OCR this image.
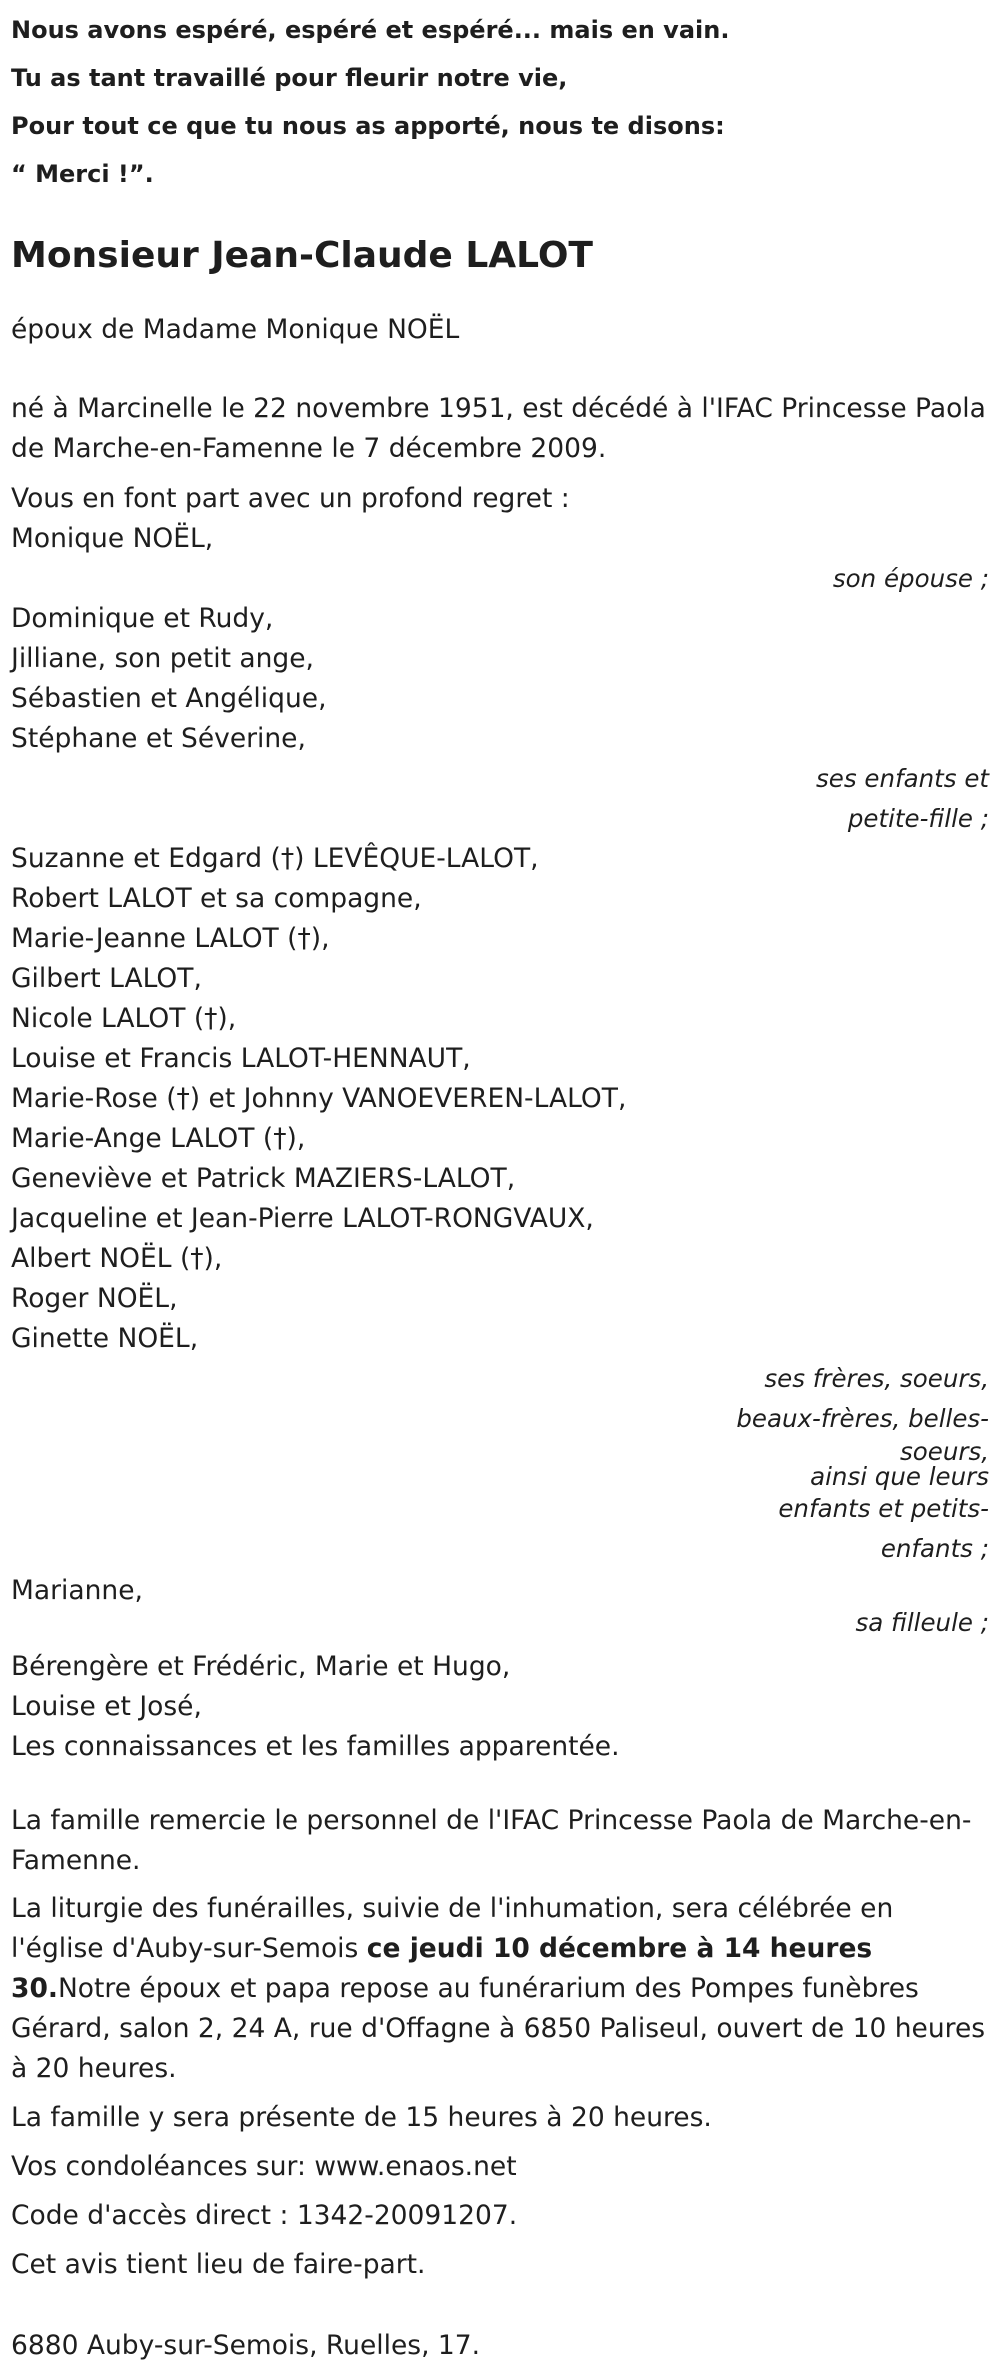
Nous avons espéré, espéré et espéré... mais en vain.
Tu as tant travaillé pour fleurir notre vie,
Pour tout ce que tu nous as apporté, nous te disons:
“ Merci !”.
Monsieur Jean-Claude LALOT

époux de Madame Monique NOËL

né à Marcinelle le 22 novembre 1951, est décédé à l'IFAC Princesse Paola de Marche-en-Famenne le 7 décembre 2009.

Vous en font part avec un profond regret :

Monique NOËL,

son épouse ;

Dominique et Rudy,
Jilliane, son petit ange,
Sébastien et Angélique,
Stéphane et Séverine,
ses enfants et
petite-fille ;
Suzanne et Edgard (†) LEVÊQUE-LALOT,
Robert LALOT et sa compagne,
Marie-Jeanne LALOT (†),
Gilbert LALOT,
Nicole LALOT (†),
Louise et Francis LALOT-HENNAUT,
Marie-Rose (†) et Johnny VANOEVEREN-LALOT,
Marie-Ange LALOT (†),
Geneviève et Patrick MAZIERS-LALOT,
Jacqueline et Jean-Pierre LALOT-RONGVAUX,
Albert NOËL (†),
Roger NOËL,
Ginette NOËL,
ses frères, soeurs,
beaux-frères, belles-
soeurs,
ainsi que leurs
enfants et petits-
enfants ;

Marianne,

sa filleule ;

Bérengère et Frédéric, Marie et Hugo,
Louise et José,
Les connaissances et les familles apparentée.

La famille remercie le personnel de l'IFAC Princesse Paola de Marche-en-Famenne.

La liturgie des funérailles, suivie de l'inhumation, sera célébrée en l'église d'Auby-sur-Semois ce jeudi 10 décembre à 14 heures 30.Notre époux et papa repose au funérarium des Pompes funèbres Gérard, salon 2, 24 A, rue d'Offagne à 6850 Paliseul, ouvert de 10 heures à 20 heures.

La famille y sera présente de 15 heures à 20 heures.

Vos condoléances sur: www.enaos.net

Code d'accès direct : 1342-20091207.

Cet avis tient lieu de faire-part.

6880 Auby-sur-Semois, Ruelles, 17.
